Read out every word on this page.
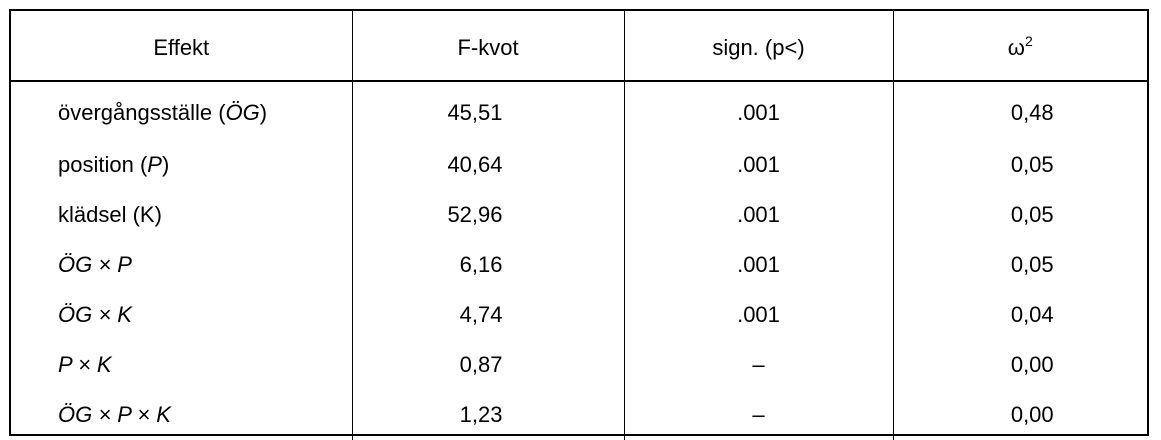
Effekt	F-kvot	sign. (p<)	$\omega^2$
övergångsställe (ÖG)	45,51	.001	0,48
position (P)	40,64	.001	0,05
klädsel (K)	52,96	.001	0,05
ÖG × P	6,16	.001	0,05
ÖG × K	4,74	.001	0,04
P × K	0,87	–	0,00
ÖG × P × K	1,23	–	0,00
